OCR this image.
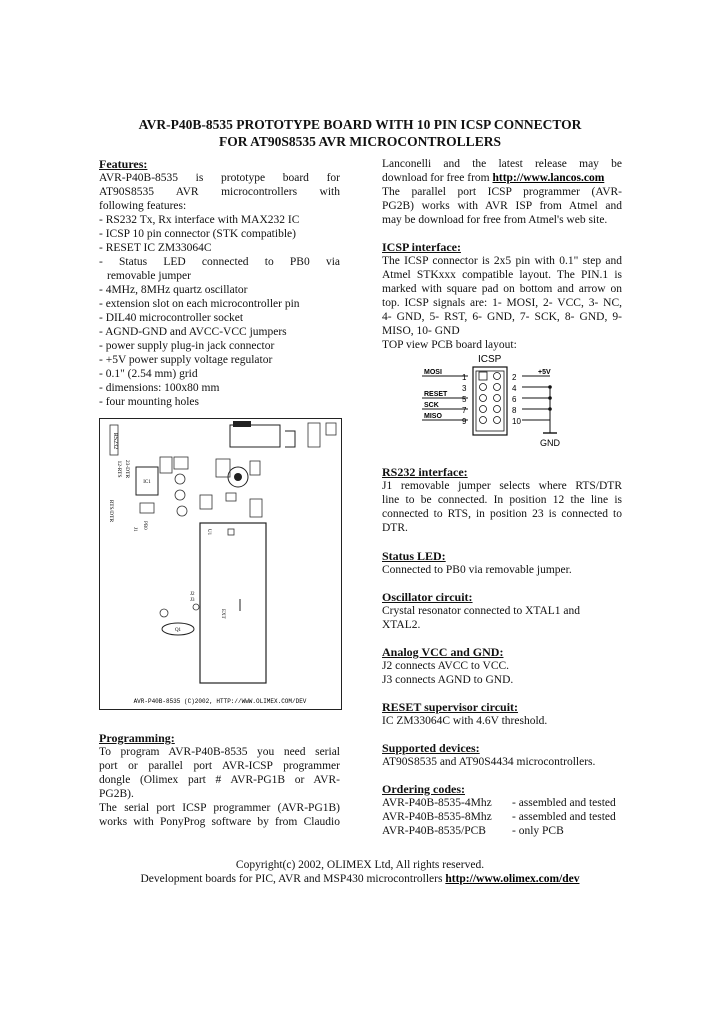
AVR-P40B-8535 PROTOTYPE BOARD WITH 10 PIN ICSP CONNECTOR
FOR AT90S8535 AVR MICROCONTROLLERS
Features:
AVR-P40B-8535 is prototype board for
AT90S8535 AVR microcontrollers with
following features:
- RS232 Tx, Rx interface with MAX232 IC
- ICSP 10 pin connector (STK compatible)
- RESET IC ZM33064C
- Status LED connected to PB0 via
removable jumper
- 4MHz, 8MHz quartz oscillator
- extension slot on each microcontroller pin
- DIL40 microcontroller socket
- AGND-GND and AVCC-VCC jumpers
- power supply plug-in jack connector
- +5V power supply voltage regulator
- 0.1" (2.54 mm) grid
- dimensions: 100x80 mm
- four mounting holes
RS232
12-RTS 23-DTR
RTS/DTR
IC1
J1 PB0
U1
EXT
Q1
J2
J3
AVR-P40B-8535 (C)2002, HTTP://WWW.OLIMEX.COM/DEV
Programming:
To program AVR-P40B-8535 you need serial
port or parallel port AVR-ICSP programmer
dongle (Olimex part # AVR-PG1B or AVR-
PG2B).
The serial port ICSP programmer (AVR-PG1B)
works with PonyProg software by from Claudio
Lanconelli and the latest release may be
download for free from http://www.lancos.com
The parallel port ICSP programmer (AVR-
PG2B) works with AVR ISP from Atmel and
may be download for free from Atmel's web site.
ICSP interface:
The ICSP connector is 2x5 pin with 0.1" step and
Atmel STKxxx compatible layout. The PIN.1 is
marked with square pad on bottom and arrow on
top. ICSP signals are: 1- MOSI, 2- VCC, 3- NC,
4- GND, 5- RST, 6- GND, 7- SCK, 8- GND, 9-
MISO, 10- GND
TOP view PCB board layout:
ICSP
MOSI
1	2
+5V
3	4
RESET
5	6
SCK
7	8
MISO
9	10
GND
RS232 interface:
J1 removable jumper selects where RTS/DTR
line to be connected. In position 12 the line is
connected to RTS, in position 23 is connected to
DTR.
Status LED:
Connected to PB0 via removable jumper.
Oscillator circuit:
Crystal resonator connected to XTAL1 and
XTAL2.
Analog VCC and GND:
J2 connects AVCC to VCC.
J3 connects AGND to GND.
RESET supervisor circuit:
IC ZM33064C with 4.6V threshold.
Supported devices:
AT90S8535 and AT90S4434 microcontrollers.
Ordering codes:
AVR-P40B-8535-4Mhz - assembled and tested
AVR-P40B-8535-8Mhz - assembled and tested
AVR-P40B-8535/PCB - only PCB
Copyright(c) 2002, OLIMEX Ltd, All rights reserved.
Development boards for PIC, AVR and MSP430 microcontrollers http://www.olimex.com/dev
